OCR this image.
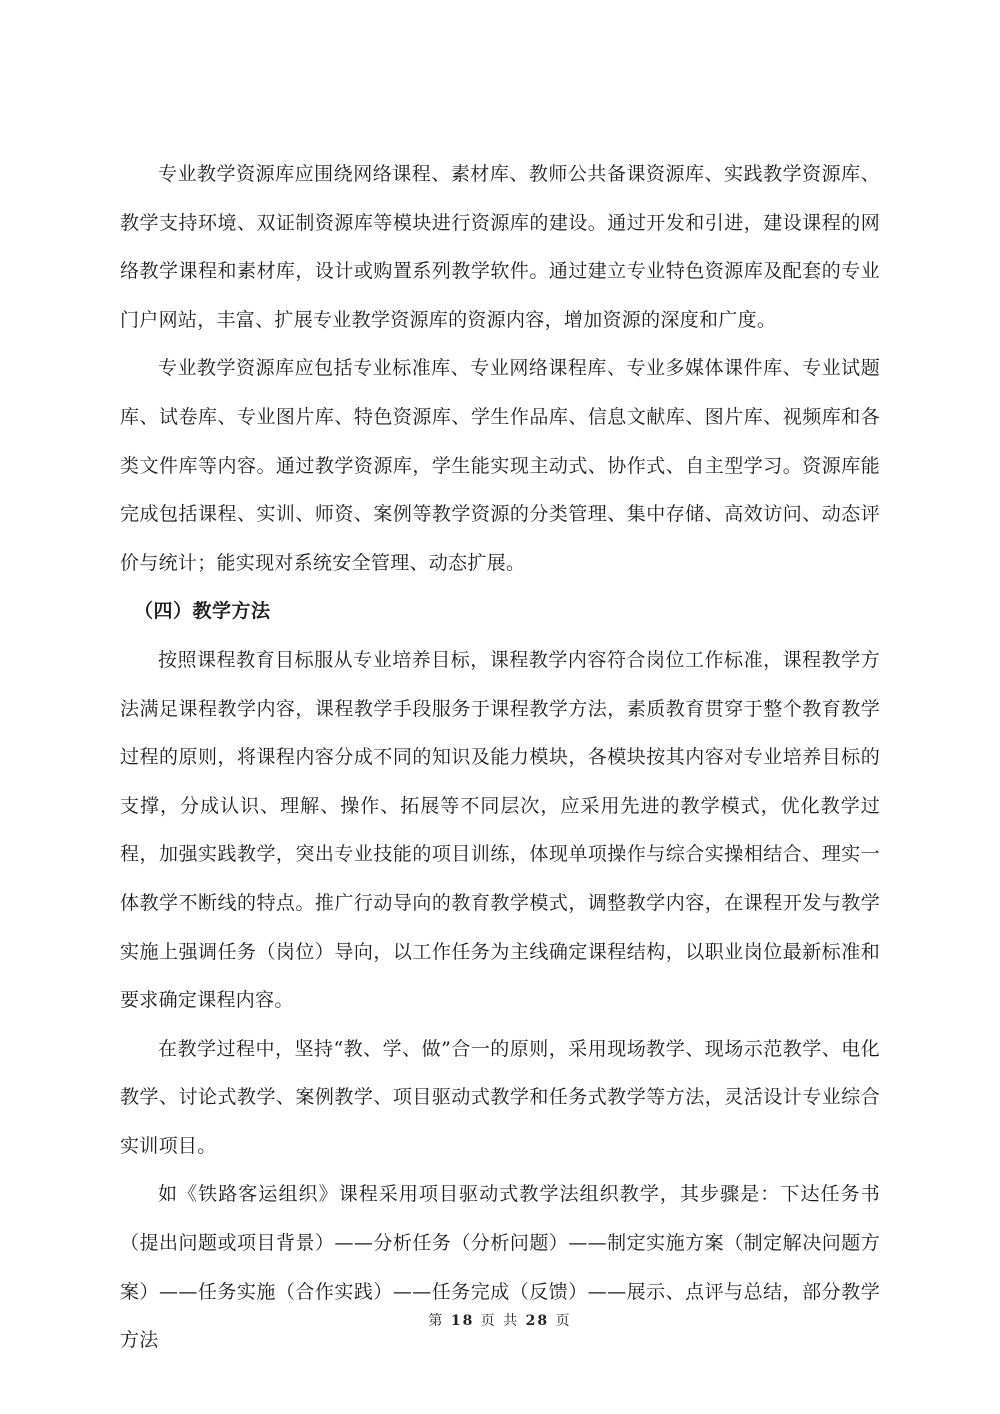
专业教学资源库应围绕网络课程、素材库、教师公共备课资源库、实践教学资源库、教学支持环境、双证制资源库等模块进行资源库的建设。通过开发和引进，建设课程的网络教学课程和素材库，设计或购置系列教学软件。通过建立专业特色资源库及配套的专业门户网站，丰富、扩展专业教学资源库的资源内容，增加资源的深度和广度。

专业教学资源库应包括专业标准库、专业网络课程库、专业多媒体课件库、专业试题库、试卷库、专业图片库、特色资源库、学生作品库、信息文献库、图片库、视频库和各类文件库等内容。通过教学资源库，学生能实现主动式、协作式、自主型学习。资源库能完成包括课程、实训、师资、案例等教学资源的分类管理、集中存储、高效访问、动态评价与统计；能实现对系统安全管理、动态扩展。

（四）教学方法

按照课程教育目标服从专业培养目标，课程教学内容符合岗位工作标准，课程教学方法满足课程教学内容，课程教学手段服务于课程教学方法，素质教育贯穿于整个教育教学过程的原则，将课程内容分成不同的知识及能力模块，各模块按其内容对专业培养目标的支撑，分成认识、理解、操作、拓展等不同层次，应采用先进的教学模式，优化教学过程，加强实践教学，突出专业技能的项目训练，体现单项操作与综合实操相结合、理实一体教学不断线的特点。推广行动导向的教育教学模式，调整教学内容，在课程开发与教学实施上强调任务（岗位）导向，以工作任务为主线确定课程结构，以职业岗位最新标准和要求确定课程内容。

在教学过程中，坚持“教、学、做”合一的原则，采用现场教学、现场示范教学、电化教学、讨论式教学、案例教学、项目驱动式教学和任务式教学等方法，灵活设计专业综合实训项目。

如《铁路客运组织》课程采用项目驱动式教学法组织教学，其步骤是：下达任务书（提出问题或项目背景）——分析任务（分析问题）——制定实施方案（制定解决问题方案）——任务实施（合作实践）——任务完成（反馈）——展示、点评与总结，部分教学方法

第 18 页 共 28 页
